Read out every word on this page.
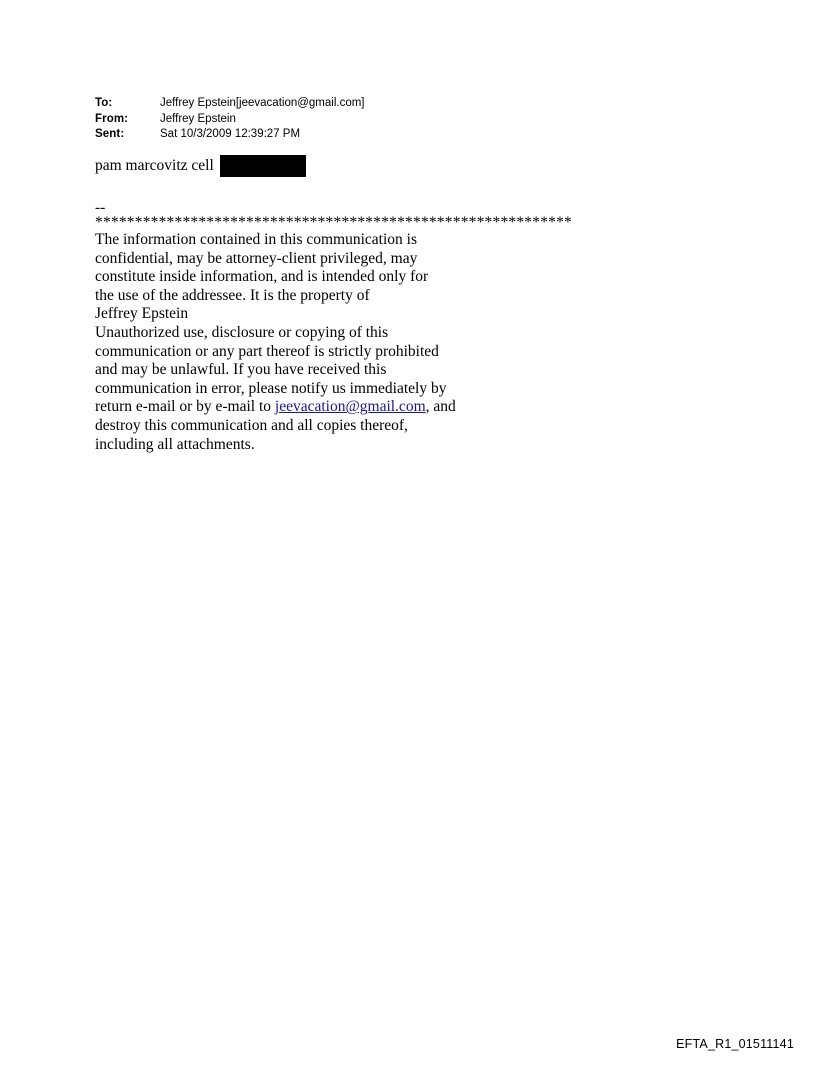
To:	Jeffrey Epstein[jeevacation@gmail.com]
From:	Jeffrey Epstein
Sent:	Sat 10/3/2009 12:39:27 PM
pam marcovitz cell
--
************************************************************

The information contained in this communication is

confidential, may be attorney-client privileged, may

constitute inside information, and is intended only for

the use of the addressee. It is the property of

Jeffrey Epstein

Unauthorized use, disclosure or copying of this

communication or any part thereof is strictly prohibited

and may be unlawful. If you have received this

communication in error, please notify us immediately by

return e-mail or by e-mail to jeevacation@gmail.com, and

destroy this communication and all copies thereof,

including all attachments.

EFTA_R1_01511141
